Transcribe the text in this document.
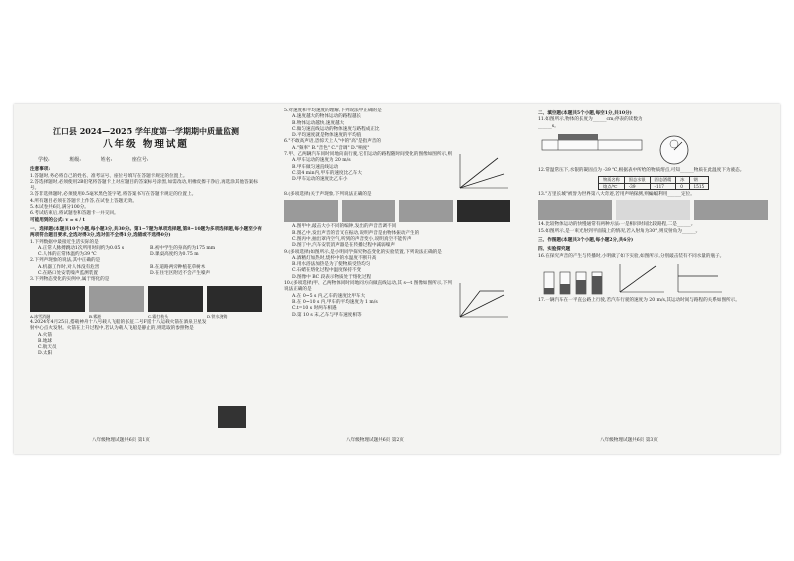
江口县 2024—2025 学年度第一学期期中质量监测
八年级 物理试题
学校:	班级:	姓名:	座位号:
注意事项:
1.答题时,务必将自己的姓名、准考证号、座位号填写在答题卡规定的位置上。
2.答选择题时,必须使用2B铅笔将答题卡上对应题目的答案标号涂黑,如需改动,用橡皮擦干净后,再选涂其他答案标号。
3.答非选择题时,必须使用0.5毫米黑色签字笔,将答案书写在答题卡规定的位置上。
4.所有题目必须在答题卡上作答,在试卷上答题无效。
5.本试卷共6页,满分100分。
6.考试结束后,将试题卷和答题卡一并交回。
可能用到的公式: v = s / t
一、选择题(本题共10个小题,每小题3分,共30分。第1~7题为单项选择题,第8~10题为多项选择题,每小题至少有两项符合题目要求,全选对得3分,选对但不全得1分,选错或不选得0分)
1.下列数据中最接近生活实际的是
A.正常人脉搏跳动1次所用时间约为0.05 s	B.初中学生的身高约为175 mm
C.人体的正常体温约为39 ℃	D.课桌高度约为0.75 m
2.下列声现象的说法,其中正确的是
A.机器工作时,对人体没有危害	B.在道路两旁种植花草树木
C.在路口处安装噪声监测装置	D.在住宅区附近不会产生噪声
3.下列物态变化的实例中,属于熔化的是
A.冰雪消融	B.雾凇	C.霜打枝头	D.铁水浇铸
4.2024年4月25日,搭载神舟十八号载人飞船的长征二号F遥十八运载火箭在酒泉卫星发射中心点火发射。火箭在上升过程中,若认为载人飞船是静止的,则选取的参照物是
A.火箭
B.地球
C.航天员
D.太阳
5.对速度和平均速度的理解,下列说法中正确的是
A.速度越大的物体运动的路程越长
B.物体运动越快,速度越大
C.做匀速直线运动的物体速度与路程成正比
D.平均速度就是物体速度的平均值
6."不敢高声语,恐惊天上人"中的"高"是指声音的
A."频率" B."音色" C."音调" D."响度"
7.甲、乙两辆汽车同时同地向南行驶,它们运动的路程随时间变化的图像如图所示,则
A.甲车运动的速度为 20 m/s
B.甲车做匀速直线运动
C.第4 min内,甲车的速度比乙车大
D.甲车运动的速度比乙车小
8.(多项选择)关于声现象,下列说法正确的是
A.图甲中,敲击大小不同的编钟,发出的声音音调不同
B.图乙中,发出声音的音叉在振动,说明声音是由物体振动产生的
C.图丙中,抽出罩内空气,听到的声音变小,说明真空不能传声
D.图丁中,汽车安装消声器是在传播过程中减弱噪声
9.(多项选择)如图所示,是小明同学探究物态变化的实验装置,下列说法正确的是
A.酒精灯加热时,烧杯中的水温度不断升高
B.用水浴法加热是为了使物质受热均匀
C.石蜡在熔化过程中温度保持不变
D.图像中 BC 段表示物质处于熔化过程
10.(多项选择)甲、乙两物体同时同地同方向做直线运动,其 s—t 图像如图所示,下列说法正确的是
A.在 0~5 s 内,乙车的速度比甲车大
B.在 0~10 s 内,甲车的平均速度为 1 m/s
C.t=10 s 时两车相遇
D.第 10 s 末,乙车与甲车速度相等
二、填空题(本题共5个小题,每空1分,共10分)
11.如图所示,物体的长度为______cm;停表的读数为______s。
12.常温常压下,水银的凝固点为 -39 ℃,根据表中所给的物质熔点,可知______物质在此温度下为液态。
物质名称	固态水银	固态酒精	冰	钢
熔点/℃	-39	-117	0	1515
13."万里长城"被誉为世界第八大奇迹,若用声呐探测,则蝙蝠利用______定位。
14.比较物体运动的快慢通常有两种方法:一是相同时间比较路程,二是______。
15.如图所示,是一束光射到平面镜上的情况,若入射角为30°,则反射角为______。
三、作图题(本题共3个小题,每小题2分,共6分)
四、实验探究题
16.在探究声音的产生与传播时,小明做了如下实验,如图所示,分别敲击装有不同水量的瓶子。
17.一辆汽车在一平直公路上行驶,若汽车行驶的速度为 20 m/s,其运动时间与路程的关系如图所示。
八年级物理试题共6页 第1页	八年级物理试题共6页 第2页	八年级物理试题共6页 第3页
